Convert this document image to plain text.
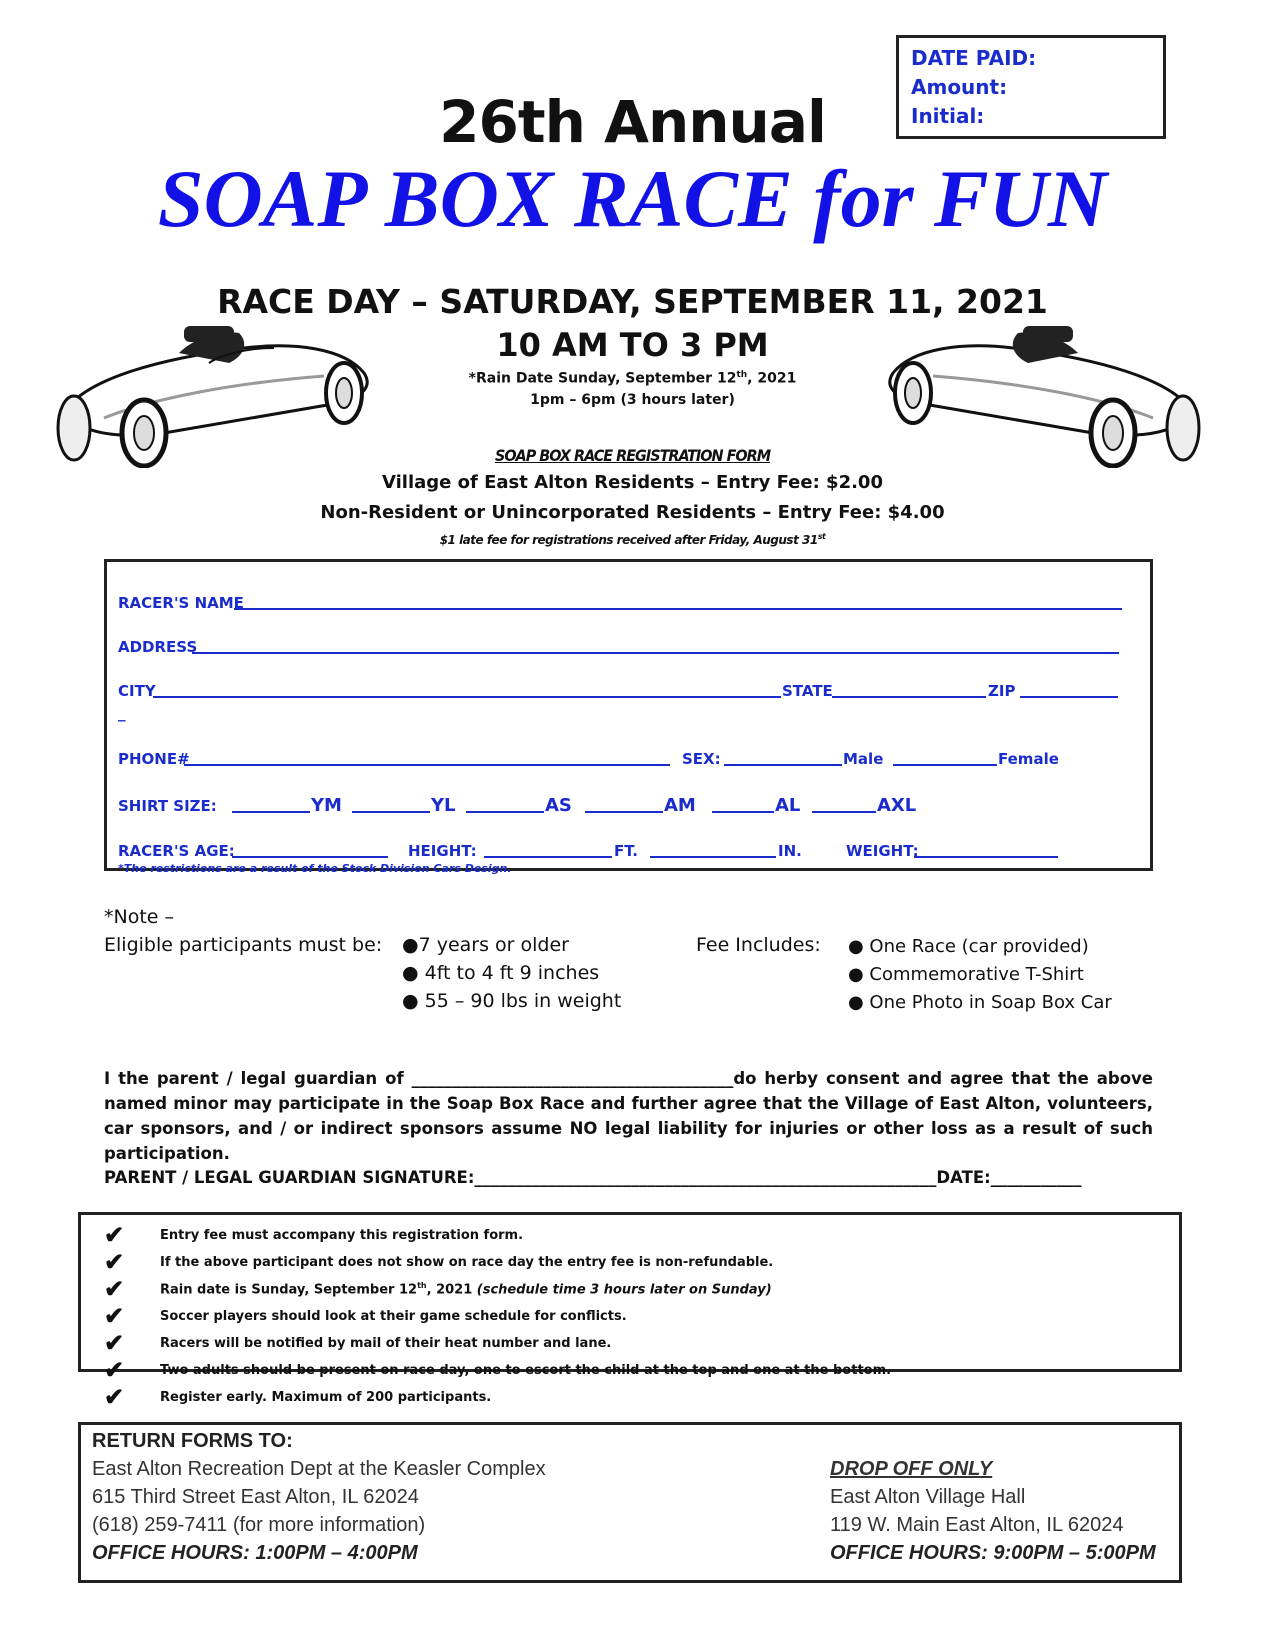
DATE PAID:
Amount:
Initial:
26th Annual
SOAP BOX RACE for FUN
RACE DAY – SATURDAY, SEPTEMBER 11, 2021
10 AM TO 3 PM
*Rain Date Sunday, September 12th, 2021
1pm – 6pm (3 hours later)
SOAP BOX RACE REGISTRATION FORM
Village of East Alton Residents – Entry Fee: $2.00
Non-Resident or Unincorporated Residents – Entry Fee: $4.00
$1 late fee for registrations received after Friday, August 31st
RACER'S NAME
ADDRESS
CITY	STATE	ZIP
_
PHONE#	SEX:	Male	Female
SHIRT SIZE:	YM	YL	AS	AM	AL	AXL
RACER'S AGE:	HEIGHT:	FT.	IN.	WEIGHT:
*The restrictions are a result of the Stock Division Cars Design.
*Note –
Eligible participants must be: ●7 years or older
● 4ft to 4 ft 9 inches
● 55 – 90 lbs in weight
Fee Includes: ● One Race (car provided)
● Commemorative T-Shirt
● One Photo in Soap Box Car
I the parent / legal guardian of _______________________________________do herby consent and agree that the above named minor may participate in the Soap Box Race and further agree that the Village of East Alton, volunteers, car sponsors, and / or indirect sponsors assume NO legal liability for injuries or other loss as a result of such participation.
PARENT / LEGAL GUARDIAN SIGNATURE:________________________________________________________DATE:___________
✔	Entry fee must accompany this registration form.
✔	If the above participant does not show on race day the entry fee is non-refundable.
✔	Rain date is Sunday, September 12th, 2021 (schedule time 3 hours later on Sunday)
✔	Soccer players should look at their game schedule for conflicts.
✔	Racers will be notified by mail of their heat number and lane.
✔	Two adults should be present on race day, one to escort the child at the top and one at the bottom.
✔	Register early. Maximum of 200 participants.
RETURN FORMS TO:
East Alton Recreation Dept at the Keasler Complex
615 Third Street East Alton, IL 62024
(618) 259-7411 (for more information)
OFFICE HOURS: 1:00PM – 4:00PM
DROP OFF ONLY
East Alton Village Hall
119 W. Main East Alton, IL 62024
OFFICE HOURS: 9:00PM – 5:00PM
